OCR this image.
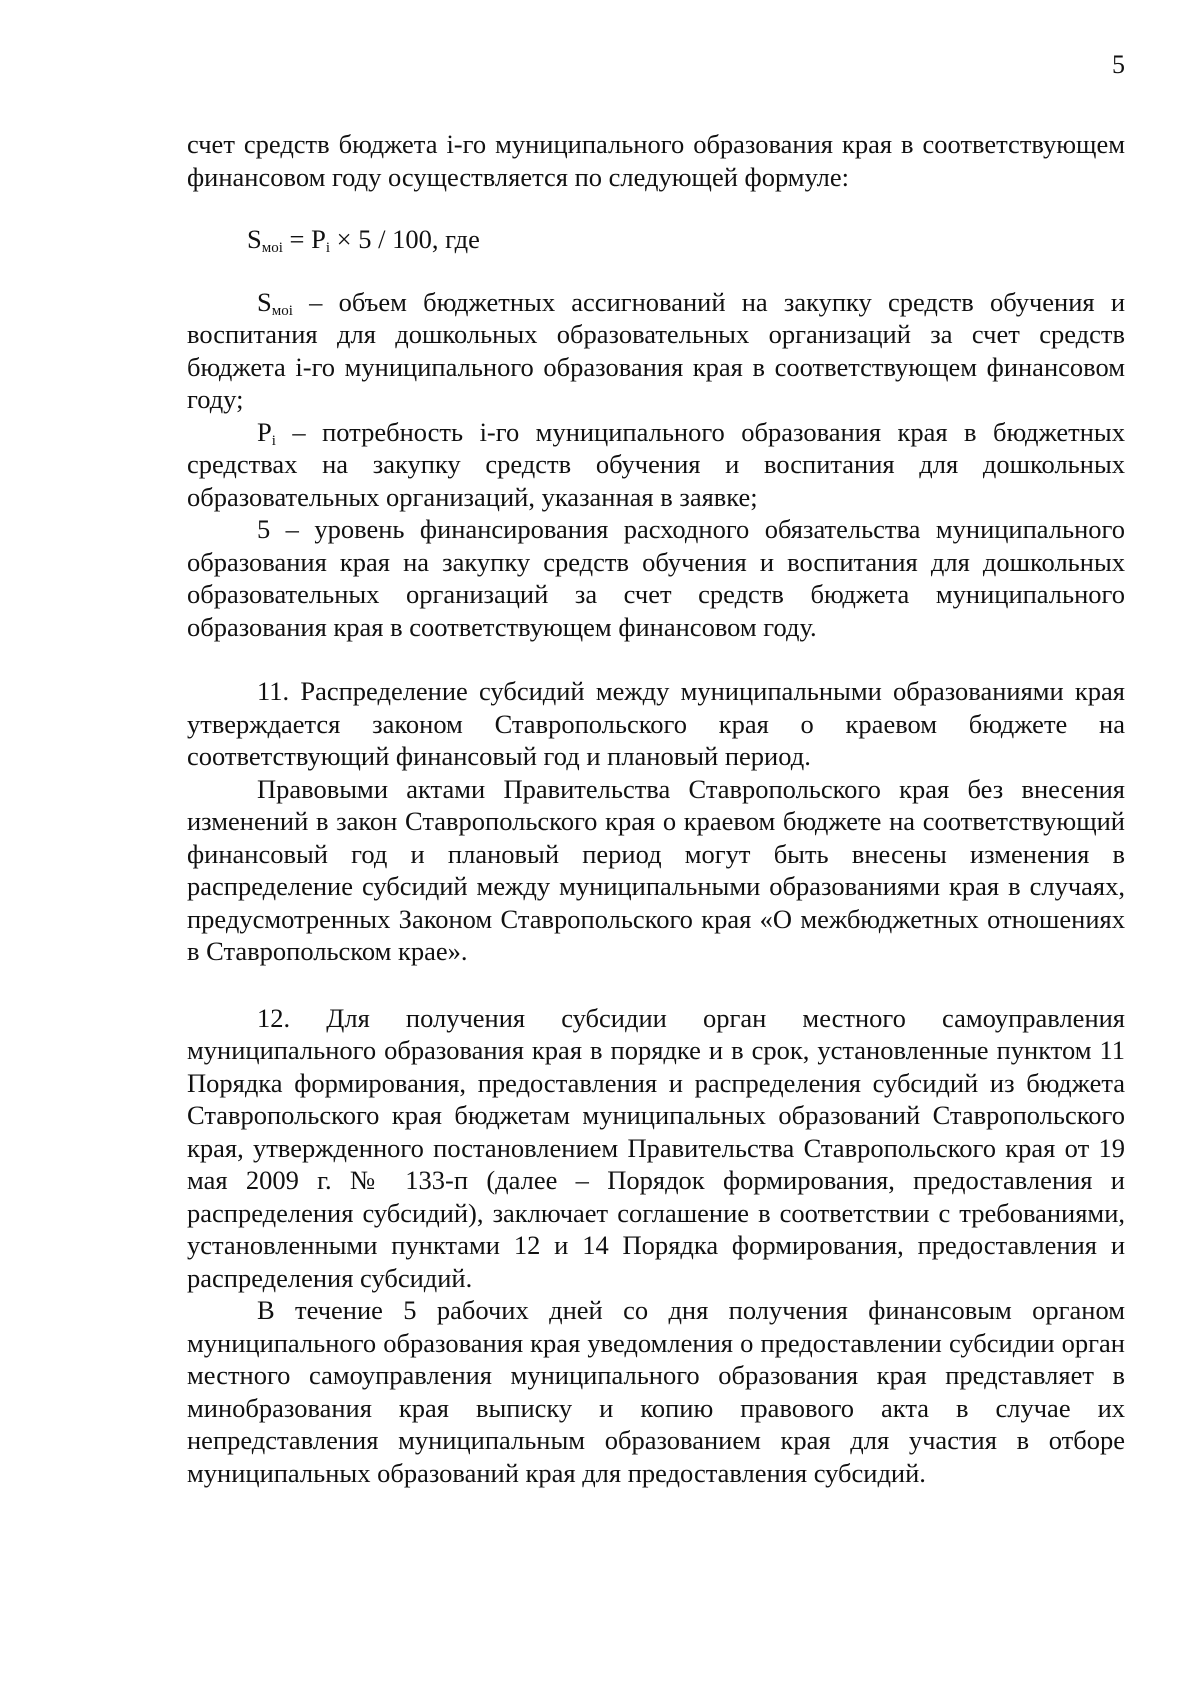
5

счет средств бюджета i-го муниципального образования края в соответствующем финансовом году осуществляется по следующей формуле:

$S_{моi} = P_i \times 5 / 100$, где

$S_{моi}$ – объем бюджетных ассигнований на закупку средств обучения и воспитания для дошкольных образовательных организаций за счет средств бюджета i-го муниципального образования края в соответствующем финансовом году;

$P_i$ – потребность i-го муниципального образования края в бюджетных средствах на закупку средств обучения и воспитания для дошкольных образовательных организаций, указанная в заявке;

5 – уровень финансирования расходного обязательства муниципального образования края на закупку средств обучения и воспитания для дошкольных образовательных организаций за счет средств бюджета муниципального образования края в соответствующем финансовом году.

11. Распределение субсидий между муниципальными образованиями края утверждается законом Ставропольского края о краевом бюджете на соответствующий финансовый год и плановый период.

Правовыми актами Правительства Ставропольского края без внесения изменений в закон Ставропольского края о краевом бюджете на соответствующий финансовый год и плановый период могут быть внесены изменения в распределение субсидий между муниципальными образованиями края в случаях, предусмотренных Законом Ставропольского края «О межбюджетных отношениях в Ставропольском крае».

12. Для получения субсидии орган местного самоуправления муниципального образования края в порядке и в срок, установленные пунктом 11 Порядка формирования, предоставления и распределения субсидий из бюджета Ставропольского края бюджетам муниципальных образований Ставропольского края, утвержденного постановлением Правительства Ставропольского края от 19 мая 2009 г. № 133-п (далее – Порядок формирования, предоставления и распределения субсидий), заключает соглашение в соответствии с требованиями, установленными пунктами 12 и 14 Порядка формирования, предоставления и распределения субсидий.

В течение 5 рабочих дней со дня получения финансовым органом муниципального образования края уведомления о предоставлении субсидии орган местного самоуправления муниципального образования края представляет в минобразования края выписку и копию правового акта в случае их непредставления муниципальным образованием края для участия в отборе муниципальных образований края для предоставления субсидий.
